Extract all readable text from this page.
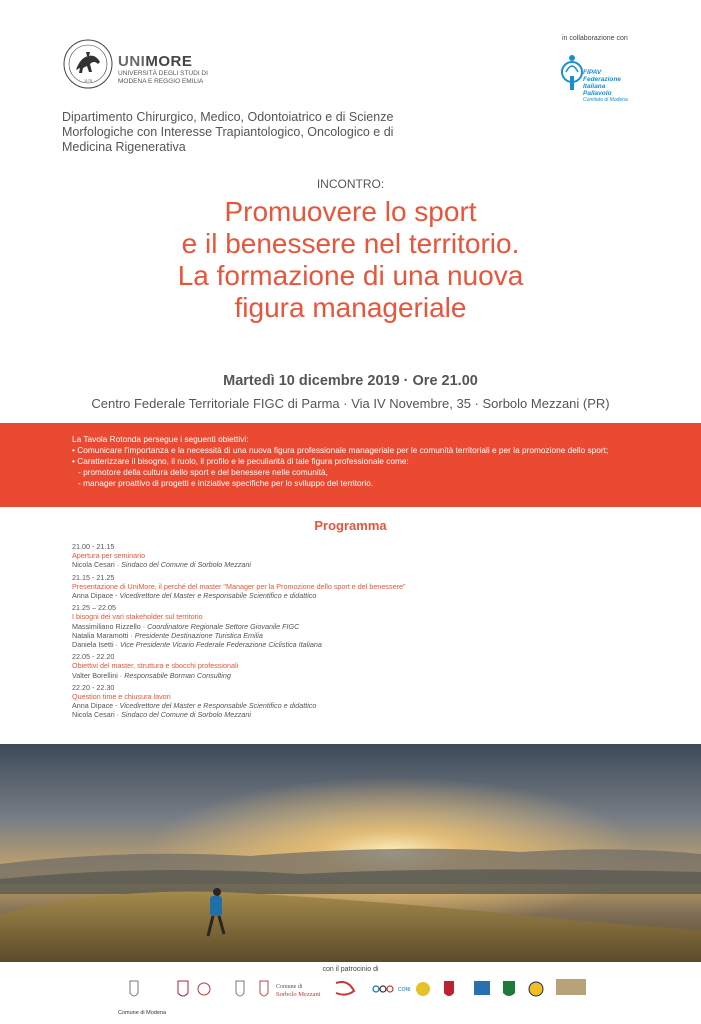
1175
UNIMORE
UNIVERSITÀ DEGLI STUDI DI MODENA E REGGIO EMILIA
in collaborazione con
FIPAV
Federazione
Italiana
Pallavolo
Comitato di Modena
Dipartimento Chirurgico, Medico, Odontoiatrico e di Scienze Morfologiche con Interesse Trapiantologico, Oncologico e di Medicina Rigenerativa
INCONTRO:
Promuovere lo sport
e il benessere nel territorio.
La formazione di una nuova
figura manageriale
Martedì 10 dicembre 2019 · Ore 21.00
Centro Federale Territoriale FIGC di Parma · Via IV Novembre, 35 · Sorbolo Mezzani (PR)
La Tavola Rotonda persegue i seguenti obiettivi:
• Comunicare l'importanza e la necessità di una nuova figura professionale manageriale per le comunità territoriali e per la promozione dello sport;
• Caratterizzare il bisogno, il ruolo, il profilo e le peculiarità di tale figura professionale come:
- promotore della cultura dello sport e del benessere nelle comunità,
- manager proattivo di progetti e iniziative specifiche per lo sviluppo del territorio.
Programma
21.00 - 21.15
Apertura per seminario
Nicola Cesari · Sindaco del Comune di Sorbolo Mezzani
21.15 - 21.25
Presentazione di UniMore, il perché del master "Manager per la Promozione dello sport e del benessere"
Anna Dipace - Vicedirettore del Master e Responsabile Scientifico e didattico
21.25 – 22.05
I bisogni dei vari stakeholder sul territorio
Massimiliano Rizzello · Coordinatore Regionale Settore Giovanile FIGC
Natalia Maramotti · Presidente Destinazione Turistica Emilia
Daniela Isetti · Vice Presidente Vicario Federale Federazione Ciclistica Italiana
22.05 - 22.20
Obiettivi del master, struttura e sbocchi professionali
Valter Borellini · Responsabile Borman Consulting
22.20 - 22.30
Question time e chiusura lavori
Anna Dipace - Vicedirettore del Master e Responsabile Scientifico e didattico
Nicola Cesari · Sindaco del Comune di Sorbolo Mezzani
con il patrocinio di
Comune di
Sorbolo Mezzani
CONI
Comune di Modena
